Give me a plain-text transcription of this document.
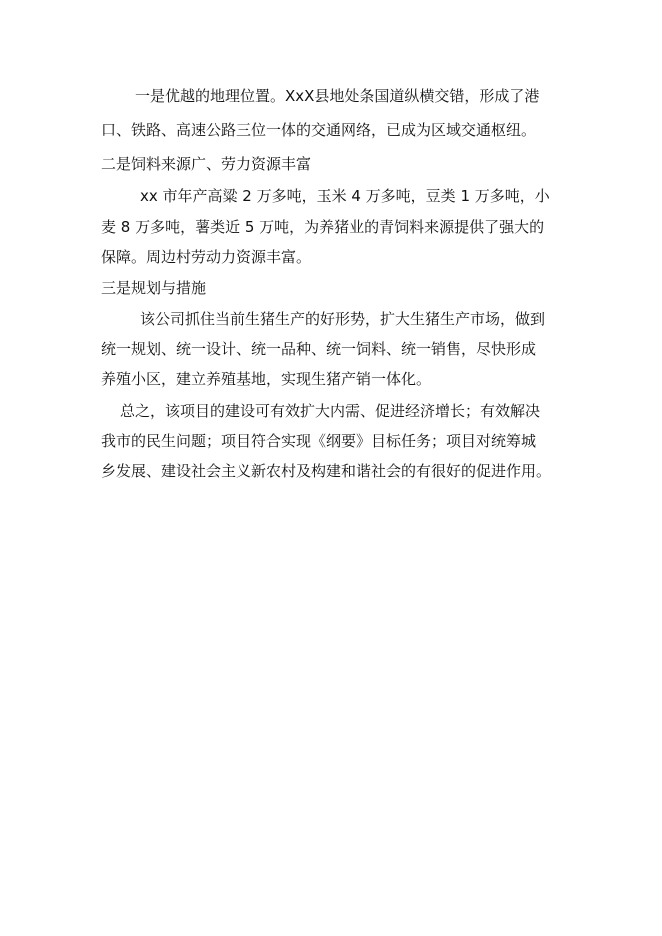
一是优越的地理位置。XxX县地处条国道纵横交错，形成了港
口、铁路、高速公路三位一体的交通网络，已成为区域交通枢纽。
二是饲料来源广、劳力资源丰富
xx 市年产高粱 2 万多吨，玉米 4 万多吨，豆类 1 万多吨，小
麦 8 万多吨，薯类近 5 万吨，为养猪业的青饲料来源提供了强大的
保障。周边村劳动力资源丰富。
三是规划与措施
该公司抓住当前生猪生产的好形势，扩大生猪生产市场，做到
统一规划、统一设计、统一品种、统一饲料、统一销售，尽快形成
养殖小区，建立养殖基地，实现生猪产销一体化。
总之，该项目的建设可有效扩大内需、促进经济增长；有效解决
我市的民生问题；项目符合实现《纲要》目标任务；项目对统筹城
乡发展、建设社会主义新农村及构建和谐社会的有很好的促进作用。
